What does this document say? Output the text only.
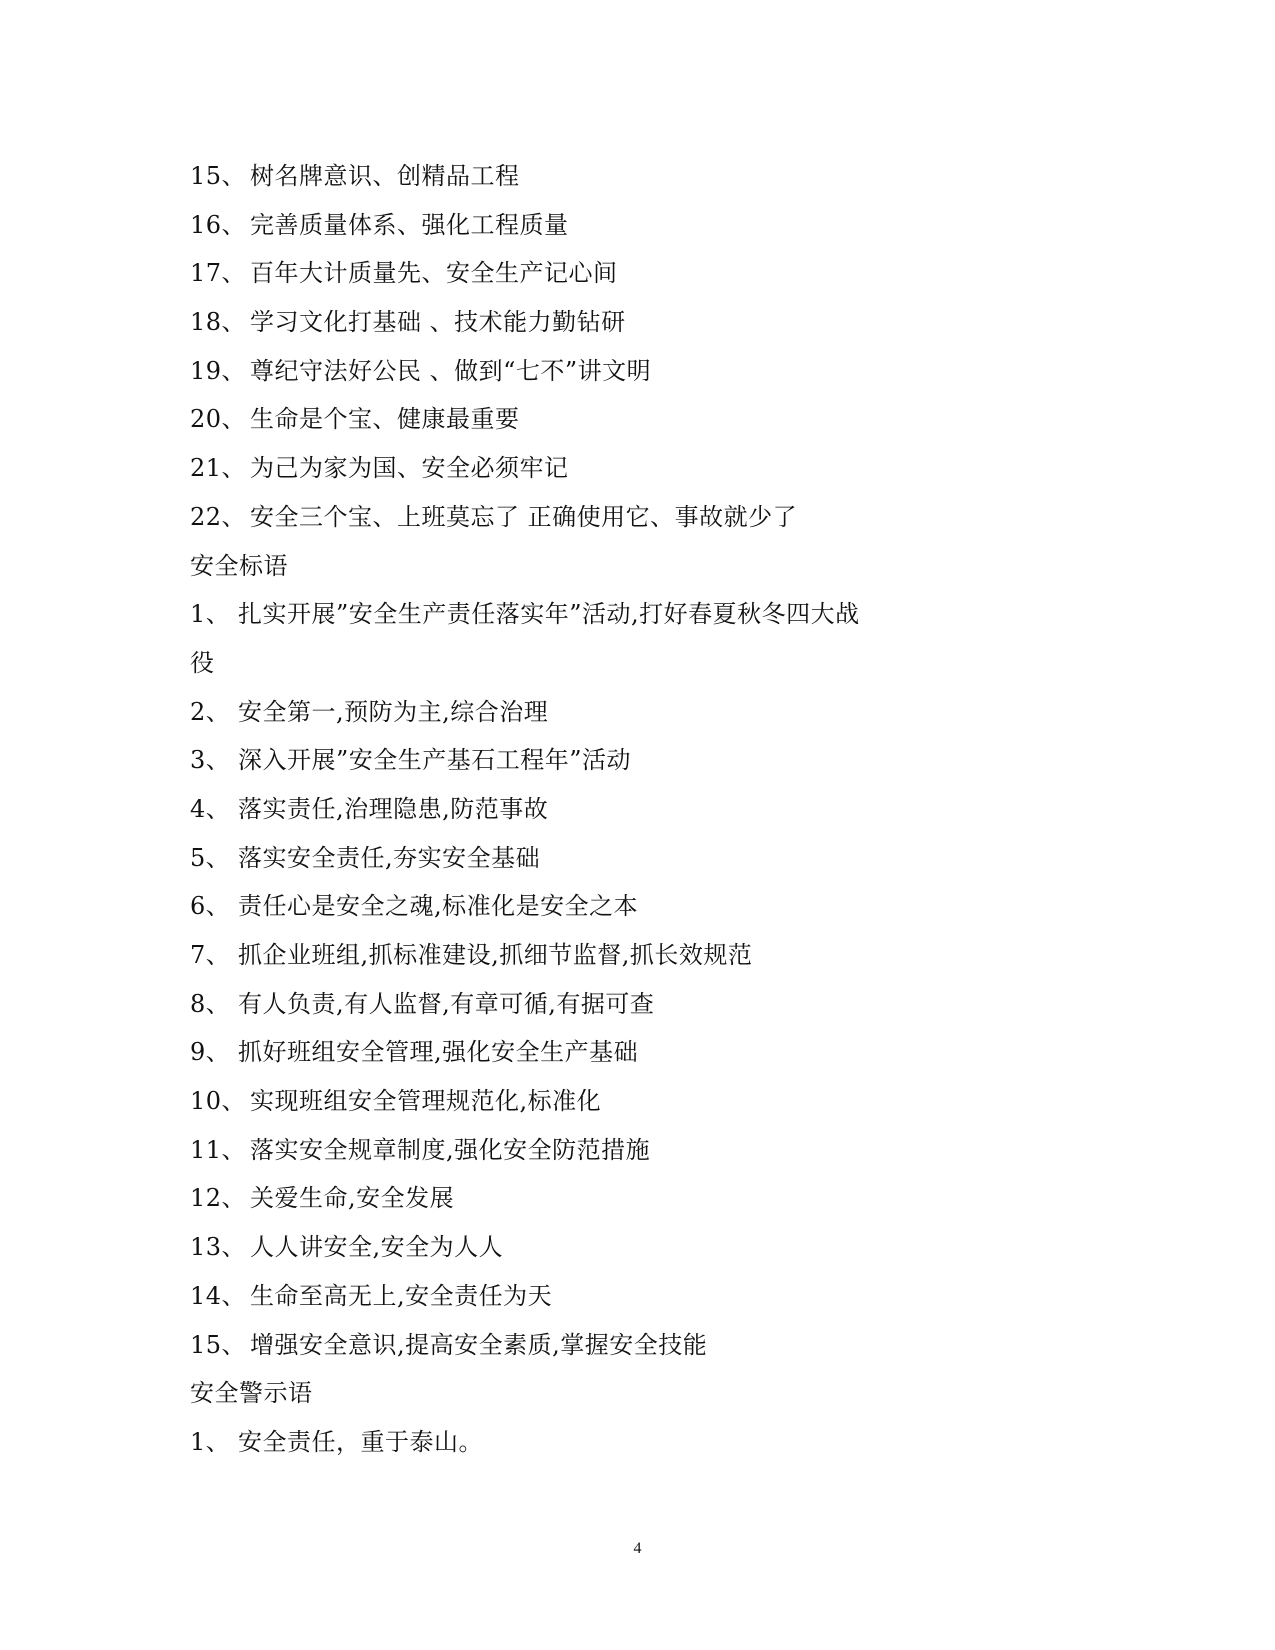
15、 树名牌意识、创精品工程
16、 完善质量体系、强化工程质量
17、 百年大计质量先、安全生产记心间
18、 学习文化打基础 、技术能力勤钻研
19、 尊纪守法好公民 、做到“七不”讲文明
20、 生命是个宝、健康最重要
21、 为己为家为国、安全必须牢记
22、 安全三个宝、上班莫忘了 正确使用它、事故就少了
安全标语
1、 扎实开展”安全生产责任落实年”活动,打好春夏秋冬四大战
役
2、 安全第一,预防为主,综合治理
3、 深入开展”安全生产基石工程年”活动
4、 落实责任,治理隐患,防范事故
5、 落实安全责任,夯实安全基础
6、 责任心是安全之魂,标准化是安全之本
7、 抓企业班组,抓标准建设,抓细节监督,抓长效规范
8、 有人负责,有人监督,有章可循,有据可查
9、 抓好班组安全管理,强化安全生产基础
10、 实现班组安全管理规范化,标准化
11、 落实安全规章制度,强化安全防范措施
12、 关爱生命,安全发展
13、 人人讲安全,安全为人人
14、 生命至高无上,安全责任为天
15、 增强安全意识,提高安全素质,掌握安全技能
安全警示语
1、 安全责任，重于泰山。
4
